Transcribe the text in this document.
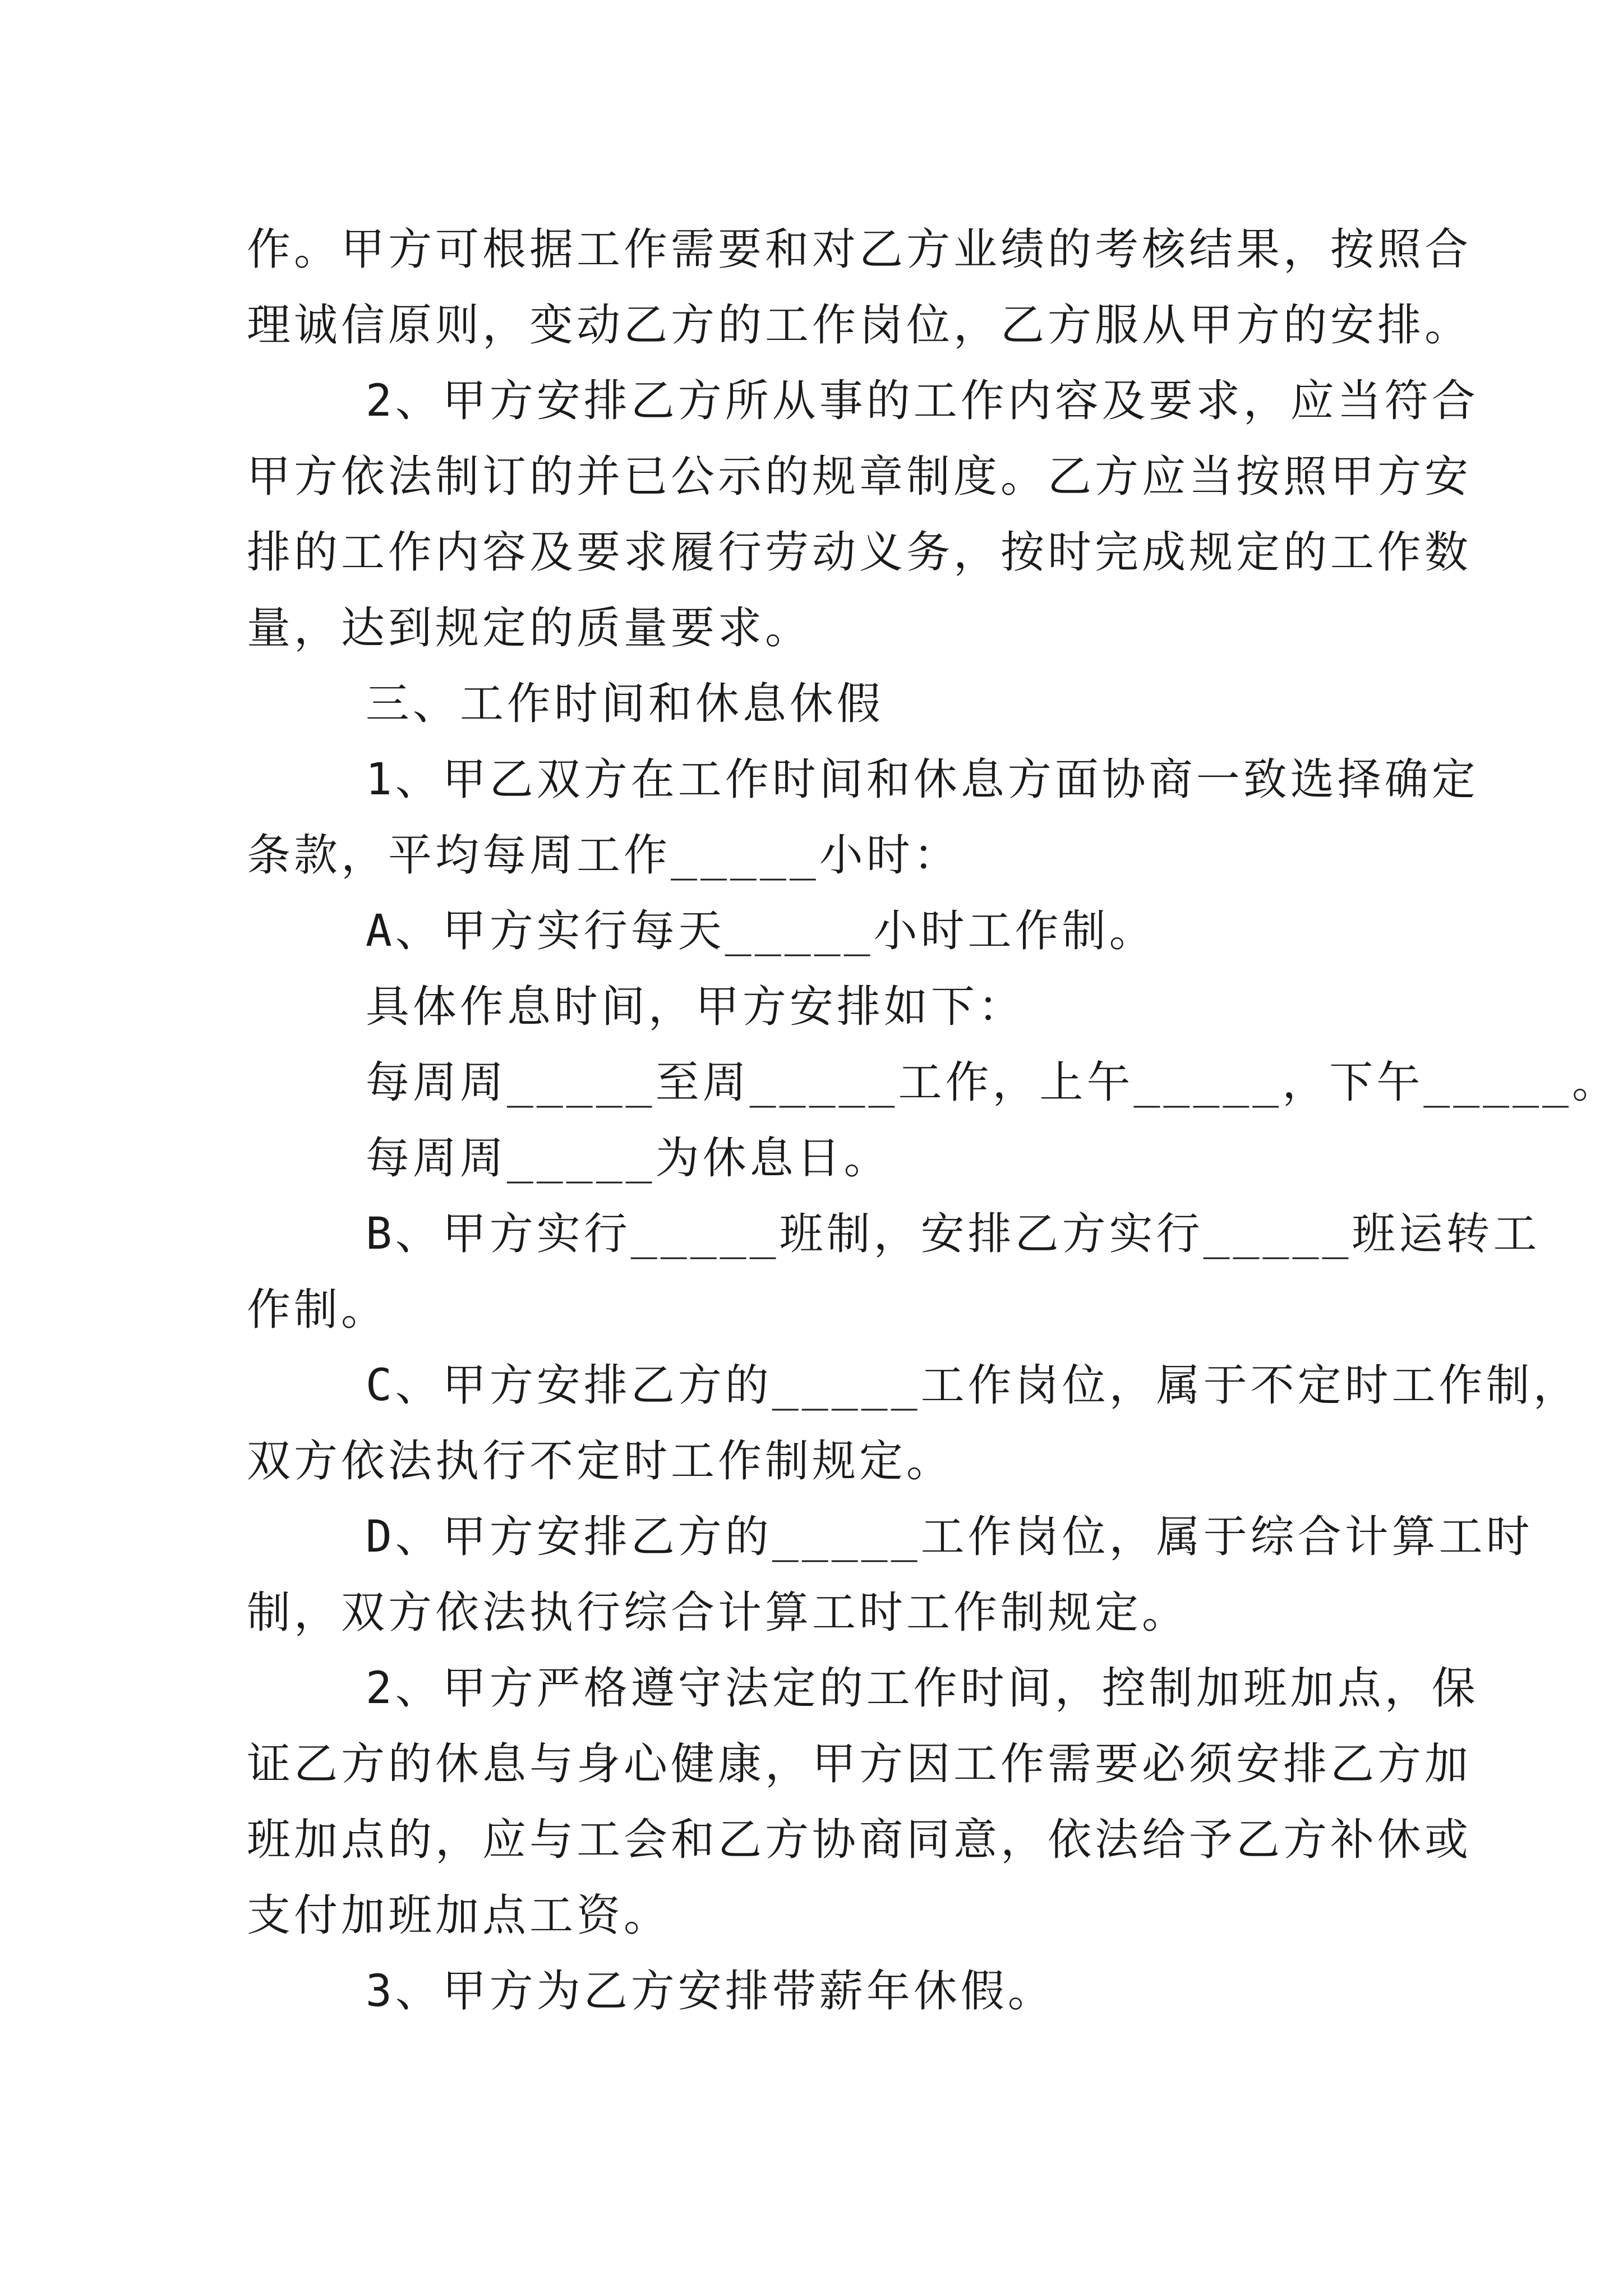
作。甲方可根据工作需要和对乙方业绩的考核结果，按照合

理诚信原则，变动乙方的工作岗位，乙方服从甲方的安排。

2、甲方安排乙方所从事的工作内容及要求，应当符合

甲方依法制订的并已公示的规章制度。乙方应当按照甲方安

排的工作内容及要求履行劳动义务，按时完成规定的工作数

量，达到规定的质量要求。

三、工作时间和休息休假

1、甲乙双方在工作时间和休息方面协商一致选择确定

条款，平均每周工作_____小时：

A、甲方实行每天_____小时工作制。

具体作息时间，甲方安排如下：

每周周_____至周_____工作，上午_____，下午_____。

每周周_____为休息日。

B、甲方实行_____班制，安排乙方实行_____班运转工

作制。

C、甲方安排乙方的_____工作岗位，属于不定时工作制，

双方依法执行不定时工作制规定。

D、甲方安排乙方的_____工作岗位，属于综合计算工时

制，双方依法执行综合计算工时工作制规定。

2、甲方严格遵守法定的工作时间，控制加班加点，保

证乙方的休息与身心健康，甲方因工作需要必须安排乙方加

班加点的，应与工会和乙方协商同意，依法给予乙方补休或

支付加班加点工资。

3、甲方为乙方安排带薪年休假。
